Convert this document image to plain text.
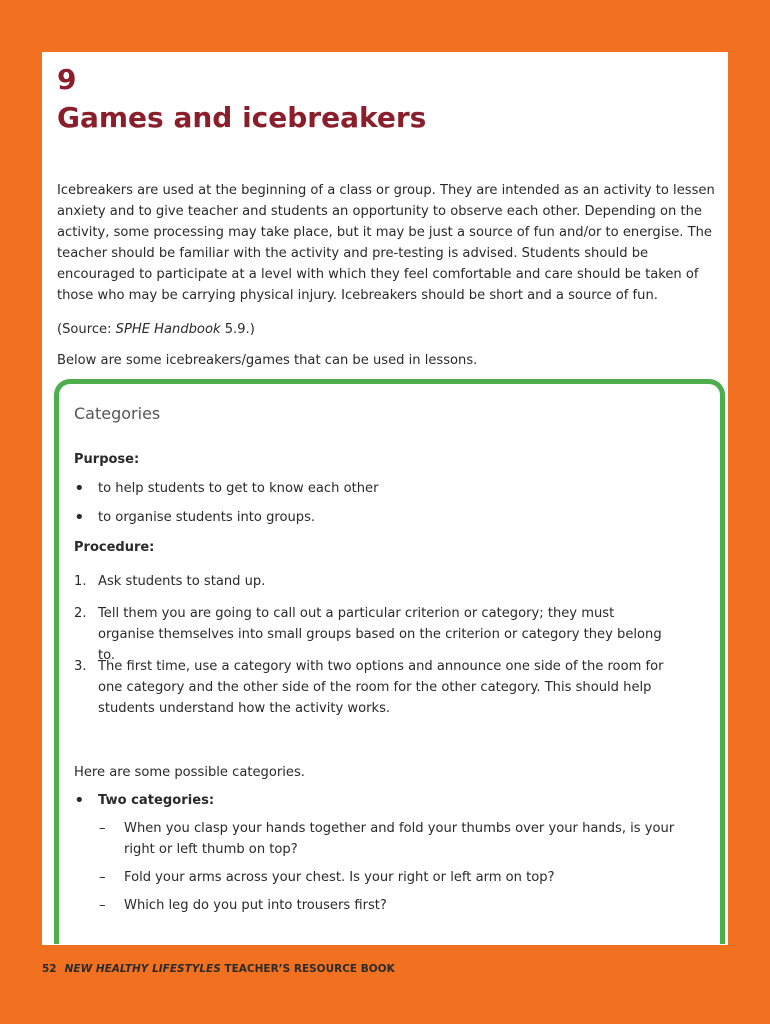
9
Games and icebreakers

Icebreakers are used at the beginning of a class or group. They are intended as an activity to lessen anxiety and to give teacher and students an opportunity to observe each other. Depending on the activity, some processing may take place, but it may be just a source of fun and/or to energise. The teacher should be familiar with the activity and pre-testing is advised. Students should be encouraged to participate at a level with which they feel comfortable and care should be taken of those who may be carrying physical injury. Icebreakers should be short and a source of fun.

(Source: SPHE Handbook 5.9.)

Below are some icebreakers/games that can be used in lessons.

Categories
Purpose:
• to help students to get to know each other
• to organise students into groups.
Procedure:
1. Ask students to stand up.
2. Tell them you are going to call out a particular criterion or category; they must organise themselves into small groups based on the criterion or category they belong to.
3. The first time, use a category with two options and announce one side of the room for one category and the other side of the room for the other category. This should help students understand how the activity works.

Here are some possible categories.

• Two categories:
–	When you clasp your hands together and fold your thumbs over your hands, is your right or left thumb on top?
–	Fold your arms across your chest. Is your right or left arm on top?
–	Which leg do you put into trousers first?
52 NEW HEALTHY LIFESTYLES TEACHER’S RESOURCE BOOK
